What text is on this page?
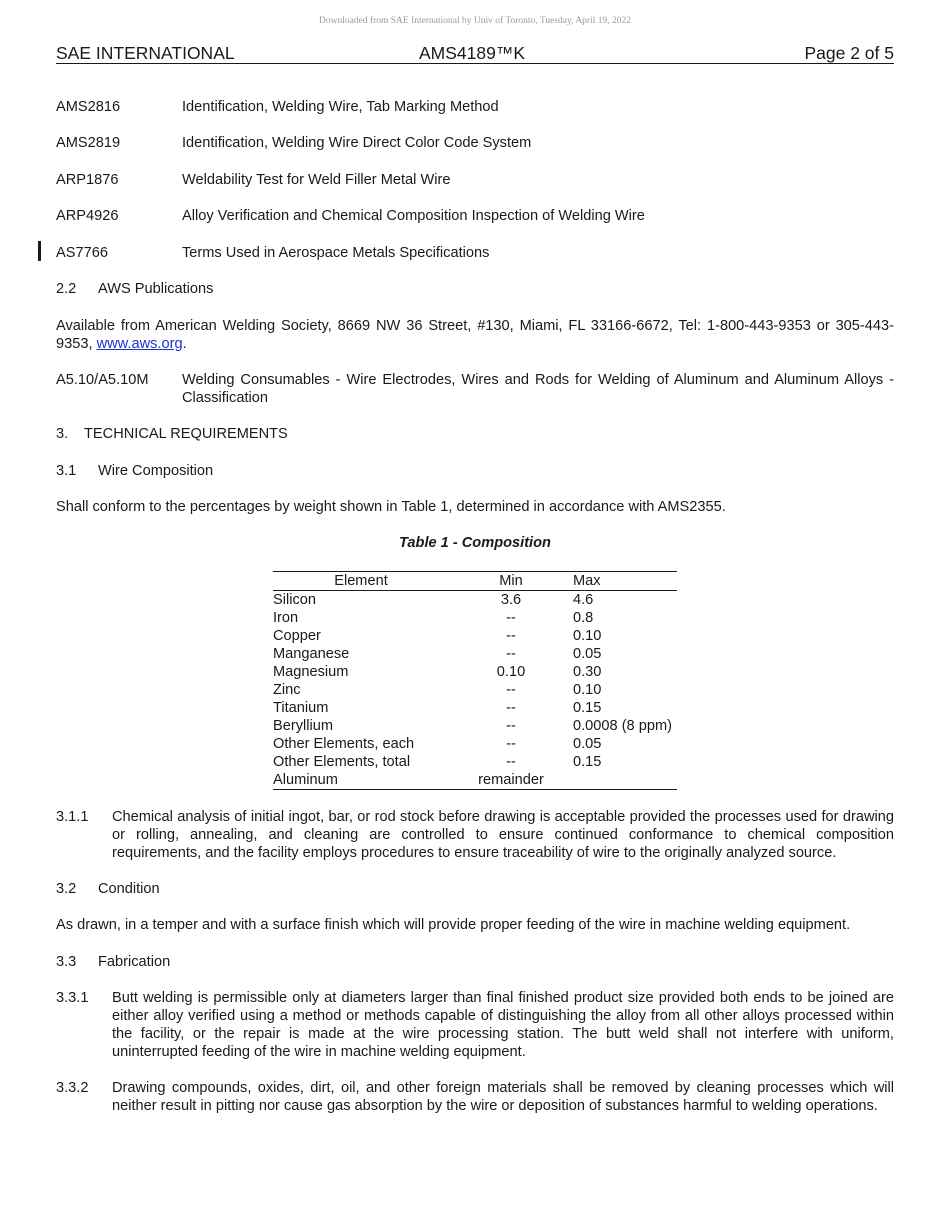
Downloaded from SAE International by Univ of Toronto, Tuesday, April 19, 2022
SAE INTERNATIONAL	AMS4189™K	Page 2 of 5
AMS2816	Identification, Welding Wire, Tab Marking Method
AMS2819	Identification, Welding Wire Direct Color Code System
ARP1876	Weldability Test for Weld Filler Metal Wire
ARP4926	Alloy Verification and Chemical Composition Inspection of Welding Wire
AS7766	Terms Used in Aerospace Metals Specifications
2.2 AWS Publications
Available from American Welding Society, 8669 NW 36 Street, #130, Miami, FL 33166-6672, Tel: 1-800-443-9353 or 305-443-9353, www.aws.org.
A5.10/A5.10M Welding Consumables - Wire Electrodes, Wires and Rods for Welding of Aluminum and Aluminum Alloys - Classification
3. TECHNICAL REQUIREMENTS
3.1 Wire Composition
Shall conform to the percentages by weight shown in Table 1, determined in accordance with AMS2355.
Table 1 - Composition
Element	Min	Max
Silicon	3.6	4.6
Iron	--	0.8
Copper	--	0.10
Manganese	--	0.05
Magnesium	0.10	0.30
Zinc	--	0.10
Titanium	--	0.15
Beryllium	--	0.0008 (8 ppm)
Other Elements, each	--	0.05
Other Elements, total	--	0.15
Aluminum	remainder	
3.1.1 Chemical analysis of initial ingot, bar, or rod stock before drawing is acceptable provided the processes used for drawing or rolling, annealing, and cleaning are controlled to ensure continued conformance to chemical composition requirements, and the facility employs procedures to ensure traceability of wire to the originally analyzed source.
3.2 Condition
As drawn, in a temper and with a surface finish which will provide proper feeding of the wire in machine welding equipment.
3.3 Fabrication
3.3.1 Butt welding is permissible only at diameters larger than final finished product size provided both ends to be joined are either alloy verified using a method or methods capable of distinguishing the alloy from all other alloys processed within the facility, or the repair is made at the wire processing station. The butt weld shall not interfere with uniform, uninterrupted feeding of the wire in machine welding equipment.
3.3.2 Drawing compounds, oxides, dirt, oil, and other foreign materials shall be removed by cleaning processes which will neither result in pitting nor cause gas absorption by the wire or deposition of substances harmful to welding operations.
